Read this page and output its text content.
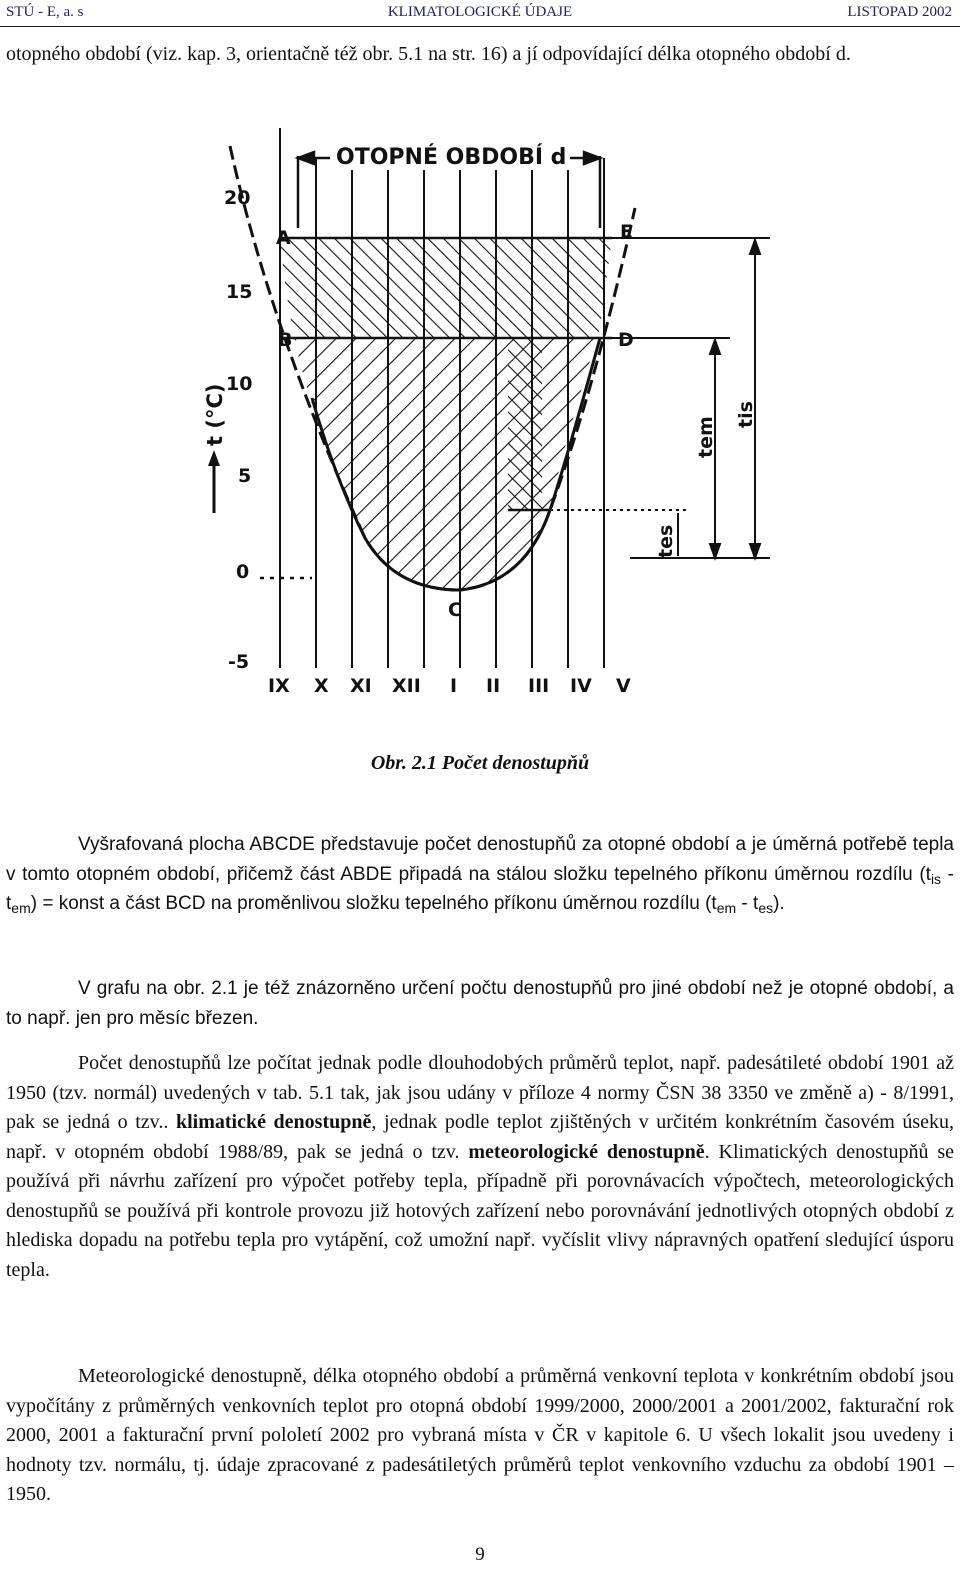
STÚ - E, a. s	KLIMATOLOGICKÉ ÚDAJE	LISTOPAD 2002

otopného období (viz. kap. 3, orientačně též obr. 5.1 na str. 16) a jí odpovídající délka otopného období d.

OTOPNÉ OBDOBÍ d
20
15
10
5
0
-5
t (°C)
IX X XI XII I II III IV V
A
B
C
D
E
tis
tem
tes
Obr. 2.1 Počet denostupňů

Vyšrafovaná plocha ABCDE představuje počet denostupňů za otopné období a je úměrná potřebě tepla v tomto otopném období, přičemž část ABDE připadá na stálou složku tepelného příkonu úměrnou rozdílu $(t_{is} - t_{em})$ = konst a část BCD na proměnlivou složku tepelného příkonu úměrnou rozdílu $(t_{em} - t_{es})$.

V grafu na obr. 2.1 je též znázorněno určení počtu denostupňů pro jiné období než je otopné období, a to např. jen pro měsíc březen.

Počet denostupňů lze počítat jednak podle dlouhodobých průměrů teplot, např. padesátileté období 1901 až 1950 (tzv. normál) uvedených v tab. 5.1 tak, jak jsou udány v příloze 4 normy ČSN 38 3350 ve změně a) - 8/1991, pak se jedná o tzv.. klimatické denostupně, jednak podle teplot zjištěných v určitém konkrétním časovém úseku, např. v otopném období 1988/89, pak se jedná o tzv. meteorologické denostupně. Klimatických denostupňů se používá při návrhu zařízení pro výpočet potřeby tepla, případně při porovnávacích výpočtech, meteorologických denostupňů se používá při kontrole provozu již hotových zařízení nebo porovnávání jednotlivých otopných období z hlediska dopadu na potřebu tepla pro vytápění, což umožní např. vyčíslit vlivy nápravných opatření sledující úsporu tepla.

Meteorologické denostupně, délka otopného období a průměrná venkovní teplota v konkrétním období jsou vypočítány z průměrných venkovních teplot pro otopná období 1999/2000, 2000/2001 a 2001/2002, fakturační rok 2000, 2001 a fakturační první pololetí 2002 pro vybraná místa v ČR v kapitole 6. U všech lokalit jsou uvedeny i hodnoty tzv. normálu, tj. údaje zpracované z padesátiletých průměrů teplot venkovního vzduchu za období 1901 – 1950.

9
